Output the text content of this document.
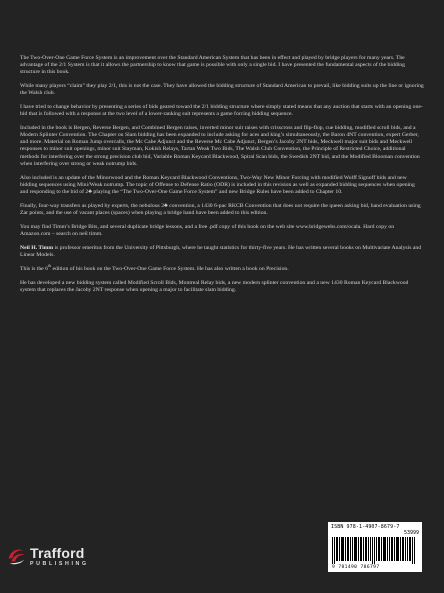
The Two-Over-One Game Force System is an improvement over the Standard American System that has been in effect and played by bridge players for many years. The advantage of the 2/1 System is that it allows the partnership to know that game is possible with only a single bid. I have presented the fundamental aspects of the bidding structure in this book.

While many players “claim” they play 2/1, this is not the case. They have allowed the bidding structure of Standard American to prevail, like bidding suits up the line or ignoring the Walsh club.

I have tried to change behavior by presenting a series of bids geared toward the 2/1 bidding structure where simply stated means that any auction that starts with an opening one-bid that is followed with a response at the two level of a lower-ranking suit represents a game forcing bidding sequence.

Included in the book is Bergen, Reverse Bergen, and Combined Bergen raises, inverted minor suit raises with crisscross and flip-flop, cue bidding, modified scroll bids, and a Modern Splinter Convention. The Chapter on Slam bidding has been expanded to include asking for aces and king’s simultaneously, the Baron 4NT convention, expert Gerber, and more. Material on Roman Jump overcalls, the Mc Cabe Adjunct and the Reverse Mc Cabe Adjunct, Bergen’s Jacoby 2NT bids, Meckwell major suit bids and Meckwell responses to minor suit openings, minor suit Stayman, Kokish Relays, Tartan Weak Two Bids, The Walsh Club Convention, the Principle of Restricted Choice, additional methods for interfering over the strong precision club bid, Variable Roman Keycard Blackwood, Spiral Scan bids, the Swedish 2NT bid, and the Modified Blooman convention when interfering over strong or weak notrump bids.

Also included is an update of the Minorwood and the Roman Keycard Blackwood Conventions, Two-Way New Minor Forcing with modified Wolff Signoff bids and new bidding sequences using Mini/Weak notrump. The topic of Offense to Defense Ratio (ODR) is included in this revision as well as expanded bidding sequences when opening and responding to the bid of 2♣ playing the “The Two-Over-One Game Force System” and new Bridge Rules have been added to Chapter 10.

Finally, four-way transfers as played by experts, the nebulous 2♣ convention, a 1430 6-pac RKCB Convention that does not require the queen asking bid, hand evaluation using Zar points, and the use of vacant places (spaces) when playing a bridge hand have been added to this edition.

You may find Timm’s Bridge Bits, and several duplicate bridge lessons, and a free .pdf copy of this book on the web site www.bridgewebs.com/ocala. Hard copy on Amazon.com – search on neil timm.

Neil H. Timm is professor emeritus from the University of Pittsburgh, where he taught statistics for thirty-five years. He has written several books on Multivariate Analysis and Linear Models.

This is the 6th edition of his book on the Two-Over-One Game Force System. He has also written a book on Precision.

He has developed a new bidding system called Modified Scroll Bids, Montreal Relay bids, a new modern splinter convention and a new 1430 Roman Keycard Blackwood system that replaces the Jacoby 2NT response when opening a major to facilitate slam bidding.

Trafford
PUBLISHING
ISBN 978-1-4907-8679-7
53999
9 781490 786797
